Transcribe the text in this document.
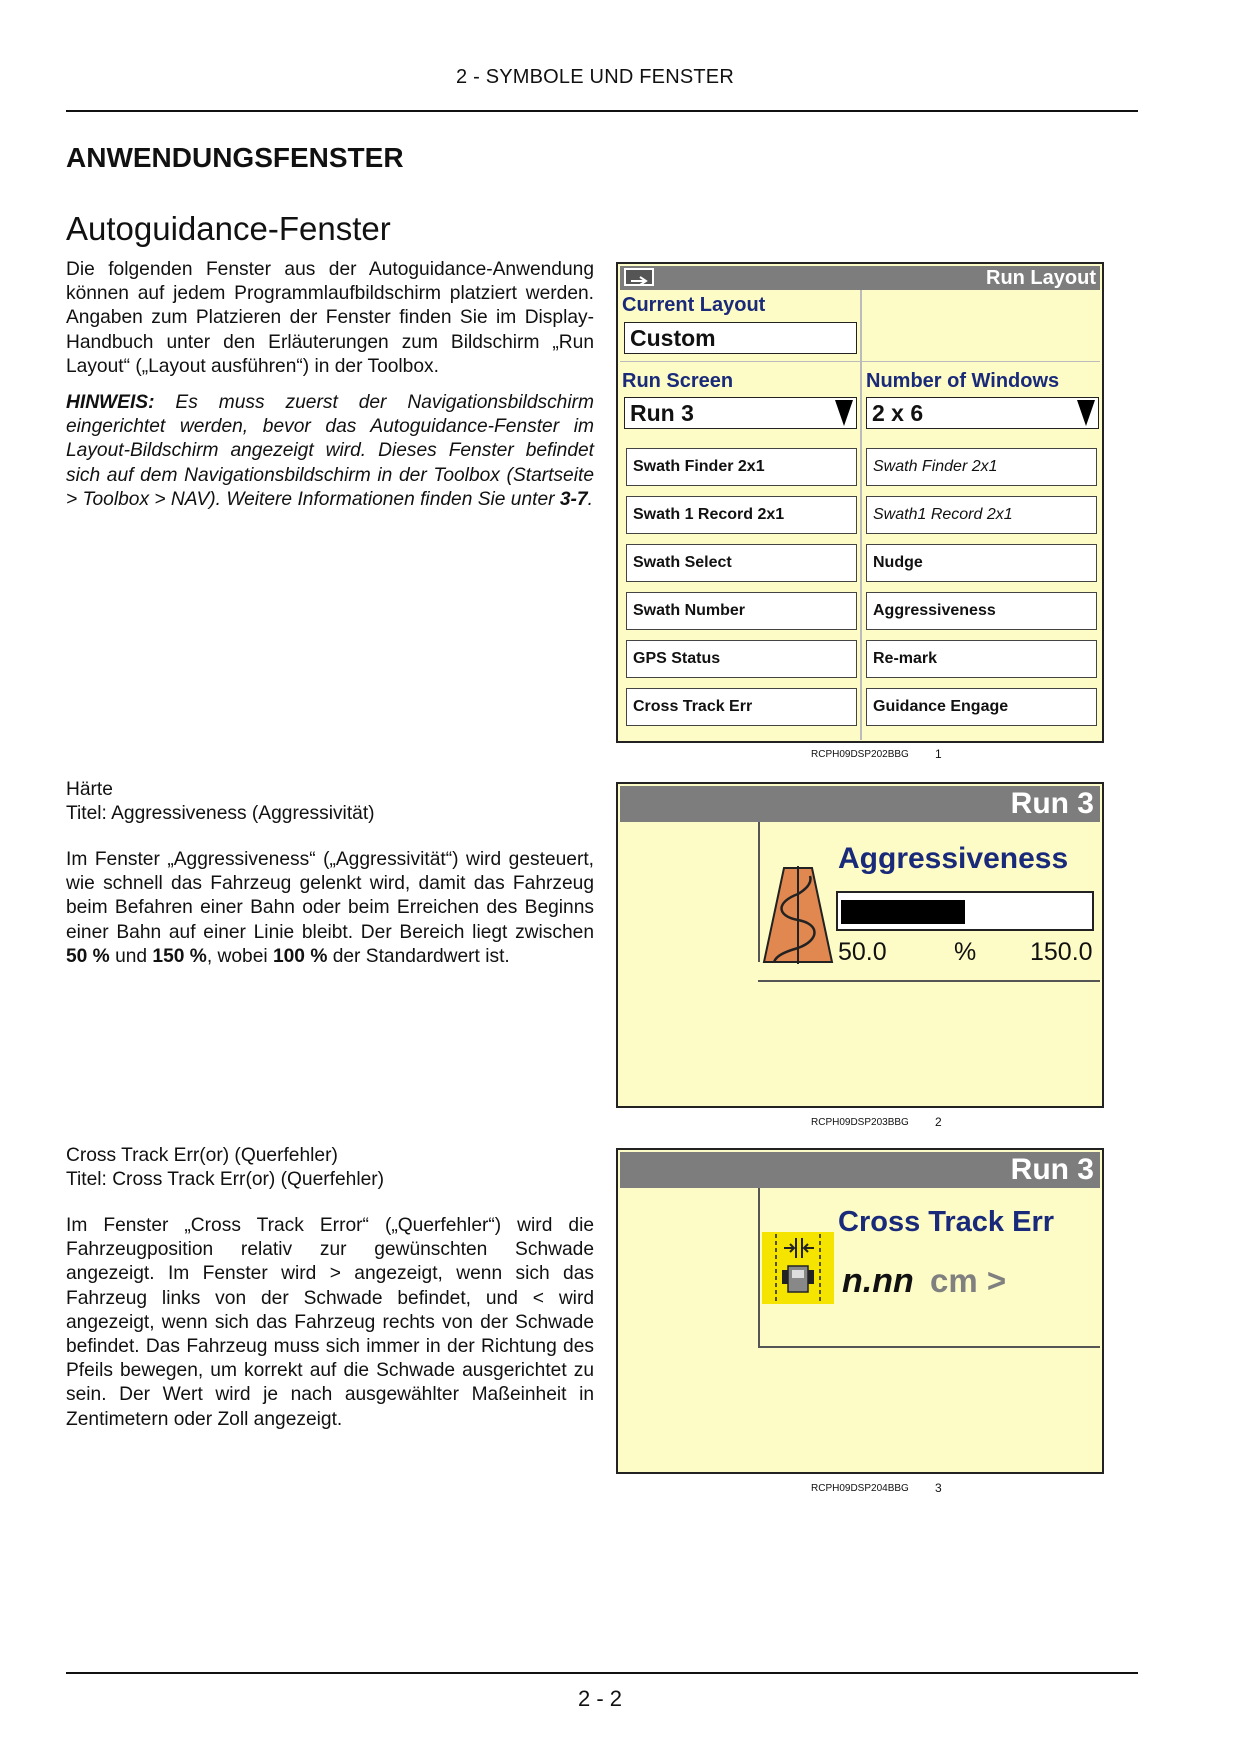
2 - SYMBOLE UND FENSTER
ANWENDUNGSFENSTER
Autoguidance-Fenster

Die folgenden Fenster aus der Autoguidance-Anwendung können auf jedem Programmlaufbildschirm platziert werden. Angaben zum Platzieren der Fenster finden Sie im Display-Handbuch unter den Erläuterungen zum Bildschirm „Run Layout“ („Layout ausführen“) in der Toolbox.

HINWEIS: Es muss zuerst der Navigationsbildschirm eingerichtet werden, bevor das Autoguidance-Fenster im Layout-Bildschirm angezeigt wird. Dieses Fenster befindet sich auf dem Navigationsbildschirm in der Toolbox (Startseite > Toolbox > NAV). Weitere Informationen finden Sie unter 3-7.

Run Layout
Current Layout
Custom
Run Screen
Run 3
Number of Windows
2 x 6
Swath Finder 2x1
Swath 1 Record 2x1
Swath Select
Swath Number
GPS Status
Cross Track Err
Swath Finder 2x1
Swath1 Record 2x1
Nudge
Aggressiveness
Re-mark
Guidance Engage
RCPH09DSP202BBG 1
Härte
Titel: Aggressiveness (Aggressivität)

Im Fenster „Aggressiveness“ („Aggressivität“) wird gesteuert, wie schnell das Fahrzeug gelenkt wird, damit das Fahrzeug beim Befahren einer Bahn oder beim Erreichen des Beginns einer Bahn auf einer Linie bleibt. Der Bereich liegt zwischen 50 % und 150 %, wobei 100 % der Standardwert ist.

Run 3
Aggressiveness
50.0	% 150.0
RCPH09DSP203BBG 2
Cross Track Err(or) (Querfehler)
Titel: Cross Track Err(or) (Querfehler)

Im Fenster „Cross Track Error“ („Querfehler“) wird die Fahrzeugposition relativ zur gewünschten Schwade angezeigt. Im Fenster wird > angezeigt, wenn sich das Fahrzeug links von der Schwade befindet, und < wird angezeigt, wenn sich das Fahrzeug rechts von der Schwade befindet. Das Fahrzeug muss sich immer in der Richtung des Pfeils bewegen, um korrekt auf die Schwade ausgerichtet zu sein. Der Wert wird je nach ausgewählter Maßeinheit in Zentimetern oder Zoll angezeigt.

Run 3
Cross Track Err
n.nn cm >
RCPH09DSP204BBG 3
2 - 2
